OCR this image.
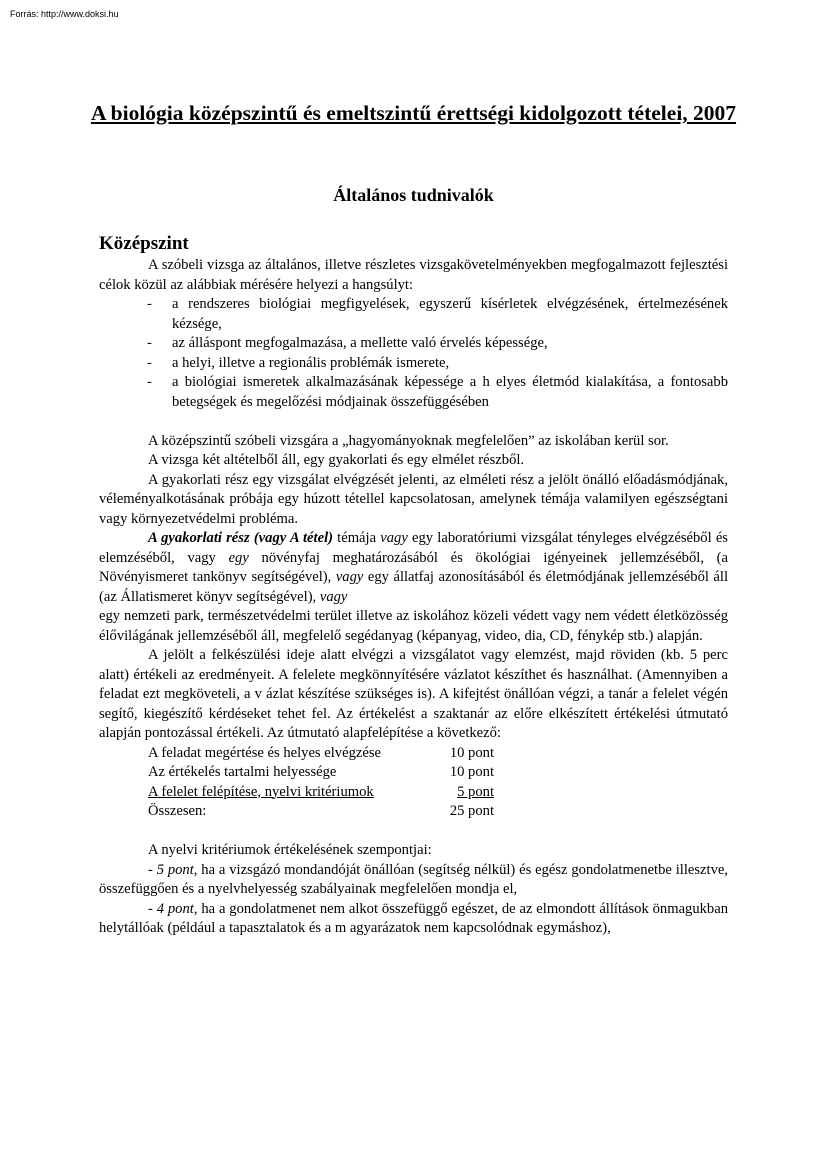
Forrás: http://www.doksi.hu
A biológia középszintű és emeltszintű érettségi kidolgozott tételei, 2007
Általános tudnivalók
Középszint

A szóbeli vizsga az általános, illetve részletes vizsgakövetelményekben megfogalmazott fejlesztési célok közül az alábbiak mérésére helyezi a hangsúlyt:

- a rendszeres biológiai megfigyelések, egyszerű kísérletek elvégzésének, értelmezésének kézsége,
- az álláspont megfogalmazása, a mellette való érvelés képessége,
- a helyi, illetve a regionális problémák ismerete,
- a biológiai ismeretek alkalmazásának képessége a h elyes életmód kialakítása, a fontosabb betegségek és megelőzési módjainak összefüggésében

A középszintű szóbeli vizsgára a „hagyományoknak megfelelően” az iskolában kerül sor.

A vizsga két altételből áll, egy gyakorlati és egy elmélet részből.

A gyakorlati rész egy vizsgálat elvégzését jelenti, az elméleti rész a jelölt önálló előadásmódjának, véleményalkotásának próbája egy húzott tétellel kapcsolatosan, amelynek témája valamilyen egészségtani vagy környezetvédelmi probléma.

A gyakorlati rész (vagy A tétel) témája vagy egy laboratóriumi vizsgálat tényleges elvégzéséből és elemzéséből, vagy egy növényfaj meghatározásából és ökológiai igényeinek jellemzéséből, (a Növényismeret tankönyv segítségével), vagy egy állatfaj azonosításából és életmódjának jellemzéséből áll (az Állatismeret könyv segítségével), vagy

egy nemzeti park, természetvédelmi terület illetve az iskolához közeli védett vagy nem védett életközösség élővilágának jellemzéséből áll, megfelelő segédanyag (képanyag, video, dia, CD, fénykép stb.) alapján.

A jelölt a felkészülési ideje alatt elvégzi a vizsgálatot vagy elemzést, majd röviden (kb. 5 perc alatt) értékeli az eredményeit. A felelete megkönnyítésére vázlatot készíthet és használhat. (Amennyiben a feladat ezt megköveteli, a v ázlat készítése szükséges is). A kifejtést önállóan végzi, a tanár a felelet végén segítő, kiegészítő kérdéseket tehet fel. Az értékelést a szaktanár az előre elkészített értékelési útmutató alapján pontozással értékeli. Az útmutató alapfelépítése a következő:

A feladat megértése és helyes elvégzése	10 pont
Az értékelés tartalmi helyessége	10 pont
A felelet felépítése, nyelvi kritériumok	5 pont
Összesen:	25 pont

A nyelvi kritériumok értékelésének szempontjai:

- 5 pont, ha a vizsgázó mondandóját önállóan (segítség nélkül) és egész gondolatmenetbe illesztve, összefüggően és a nyelvhelyesség szabályainak megfelelően mondja el,

- 4 pont, ha a gondolatmenet nem alkot összefüggő egészet, de az elmondott állítások önmagukban helytállóak (például a tapasztalatok és a m agyarázatok nem kapcsolódnak egymáshoz),
